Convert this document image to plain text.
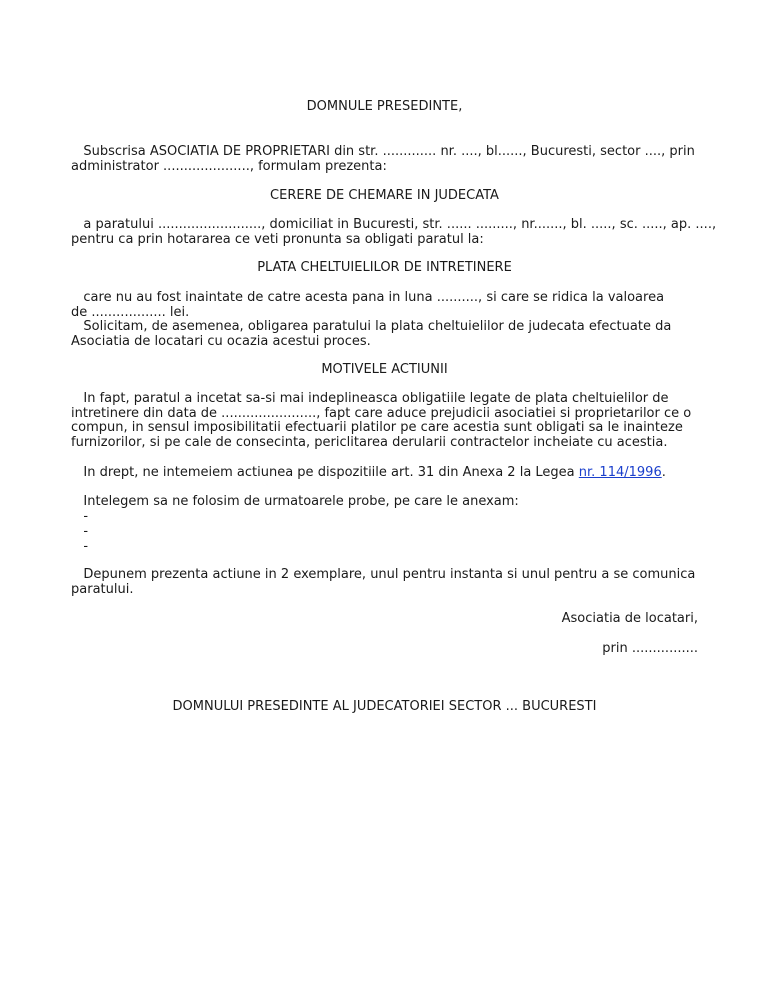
DOMNULE PRESEDINTE,
Subscrisa ASOCIATIA DE PROPRIETARI din str. ............. nr. ...., bl......, Bucuresti, sector ...., prin
administrator ....................., formulam prezenta:
CERERE DE CHEMARE IN JUDECATA
a paratului ........................., domiciliat in Bucuresti, str. ...... ........., nr......., bl. ....., sc. ....., ap. ....,
pentru ca prin hotararea ce veti pronunta sa obligati paratul la:
PLATA CHELTUIELILOR DE INTRETINERE
care nu au fost inaintate de catre acesta pana in luna .........., si care se ridica la valoarea
de .................. lei.
Solicitam, de asemenea, obligarea paratului la plata cheltuielilor de judecata efectuate da
Asociatia de locatari cu ocazia acestui proces.
MOTIVELE ACTIUNII
In fapt, paratul a incetat sa-si mai indeplineasca obligatiile legate de plata cheltuielilor de
intretinere din data de ......................., fapt care aduce prejudicii asociatiei si proprietarilor ce o
compun, in sensul imposibilitatii efectuarii platilor pe care acestia sunt obligati sa le inainteze
furnizorilor, si pe cale de consecinta, periclitarea derularii contractelor incheiate cu acestia.
In drept, ne intemeiem actiunea pe dispozitiile art. 31 din Anexa 2 la Legea nr. 114/1996.
Intelegem sa ne folosim de urmatoarele probe, pe care le anexam:
-
-
-
Depunem prezenta actiune in 2 exemplare, unul pentru instanta si unul pentru a se comunica
paratului.
Asociatia de locatari,
prin ................
DOMNULUI PRESEDINTE AL JUDECATORIEI SECTOR ... BUCURESTI
